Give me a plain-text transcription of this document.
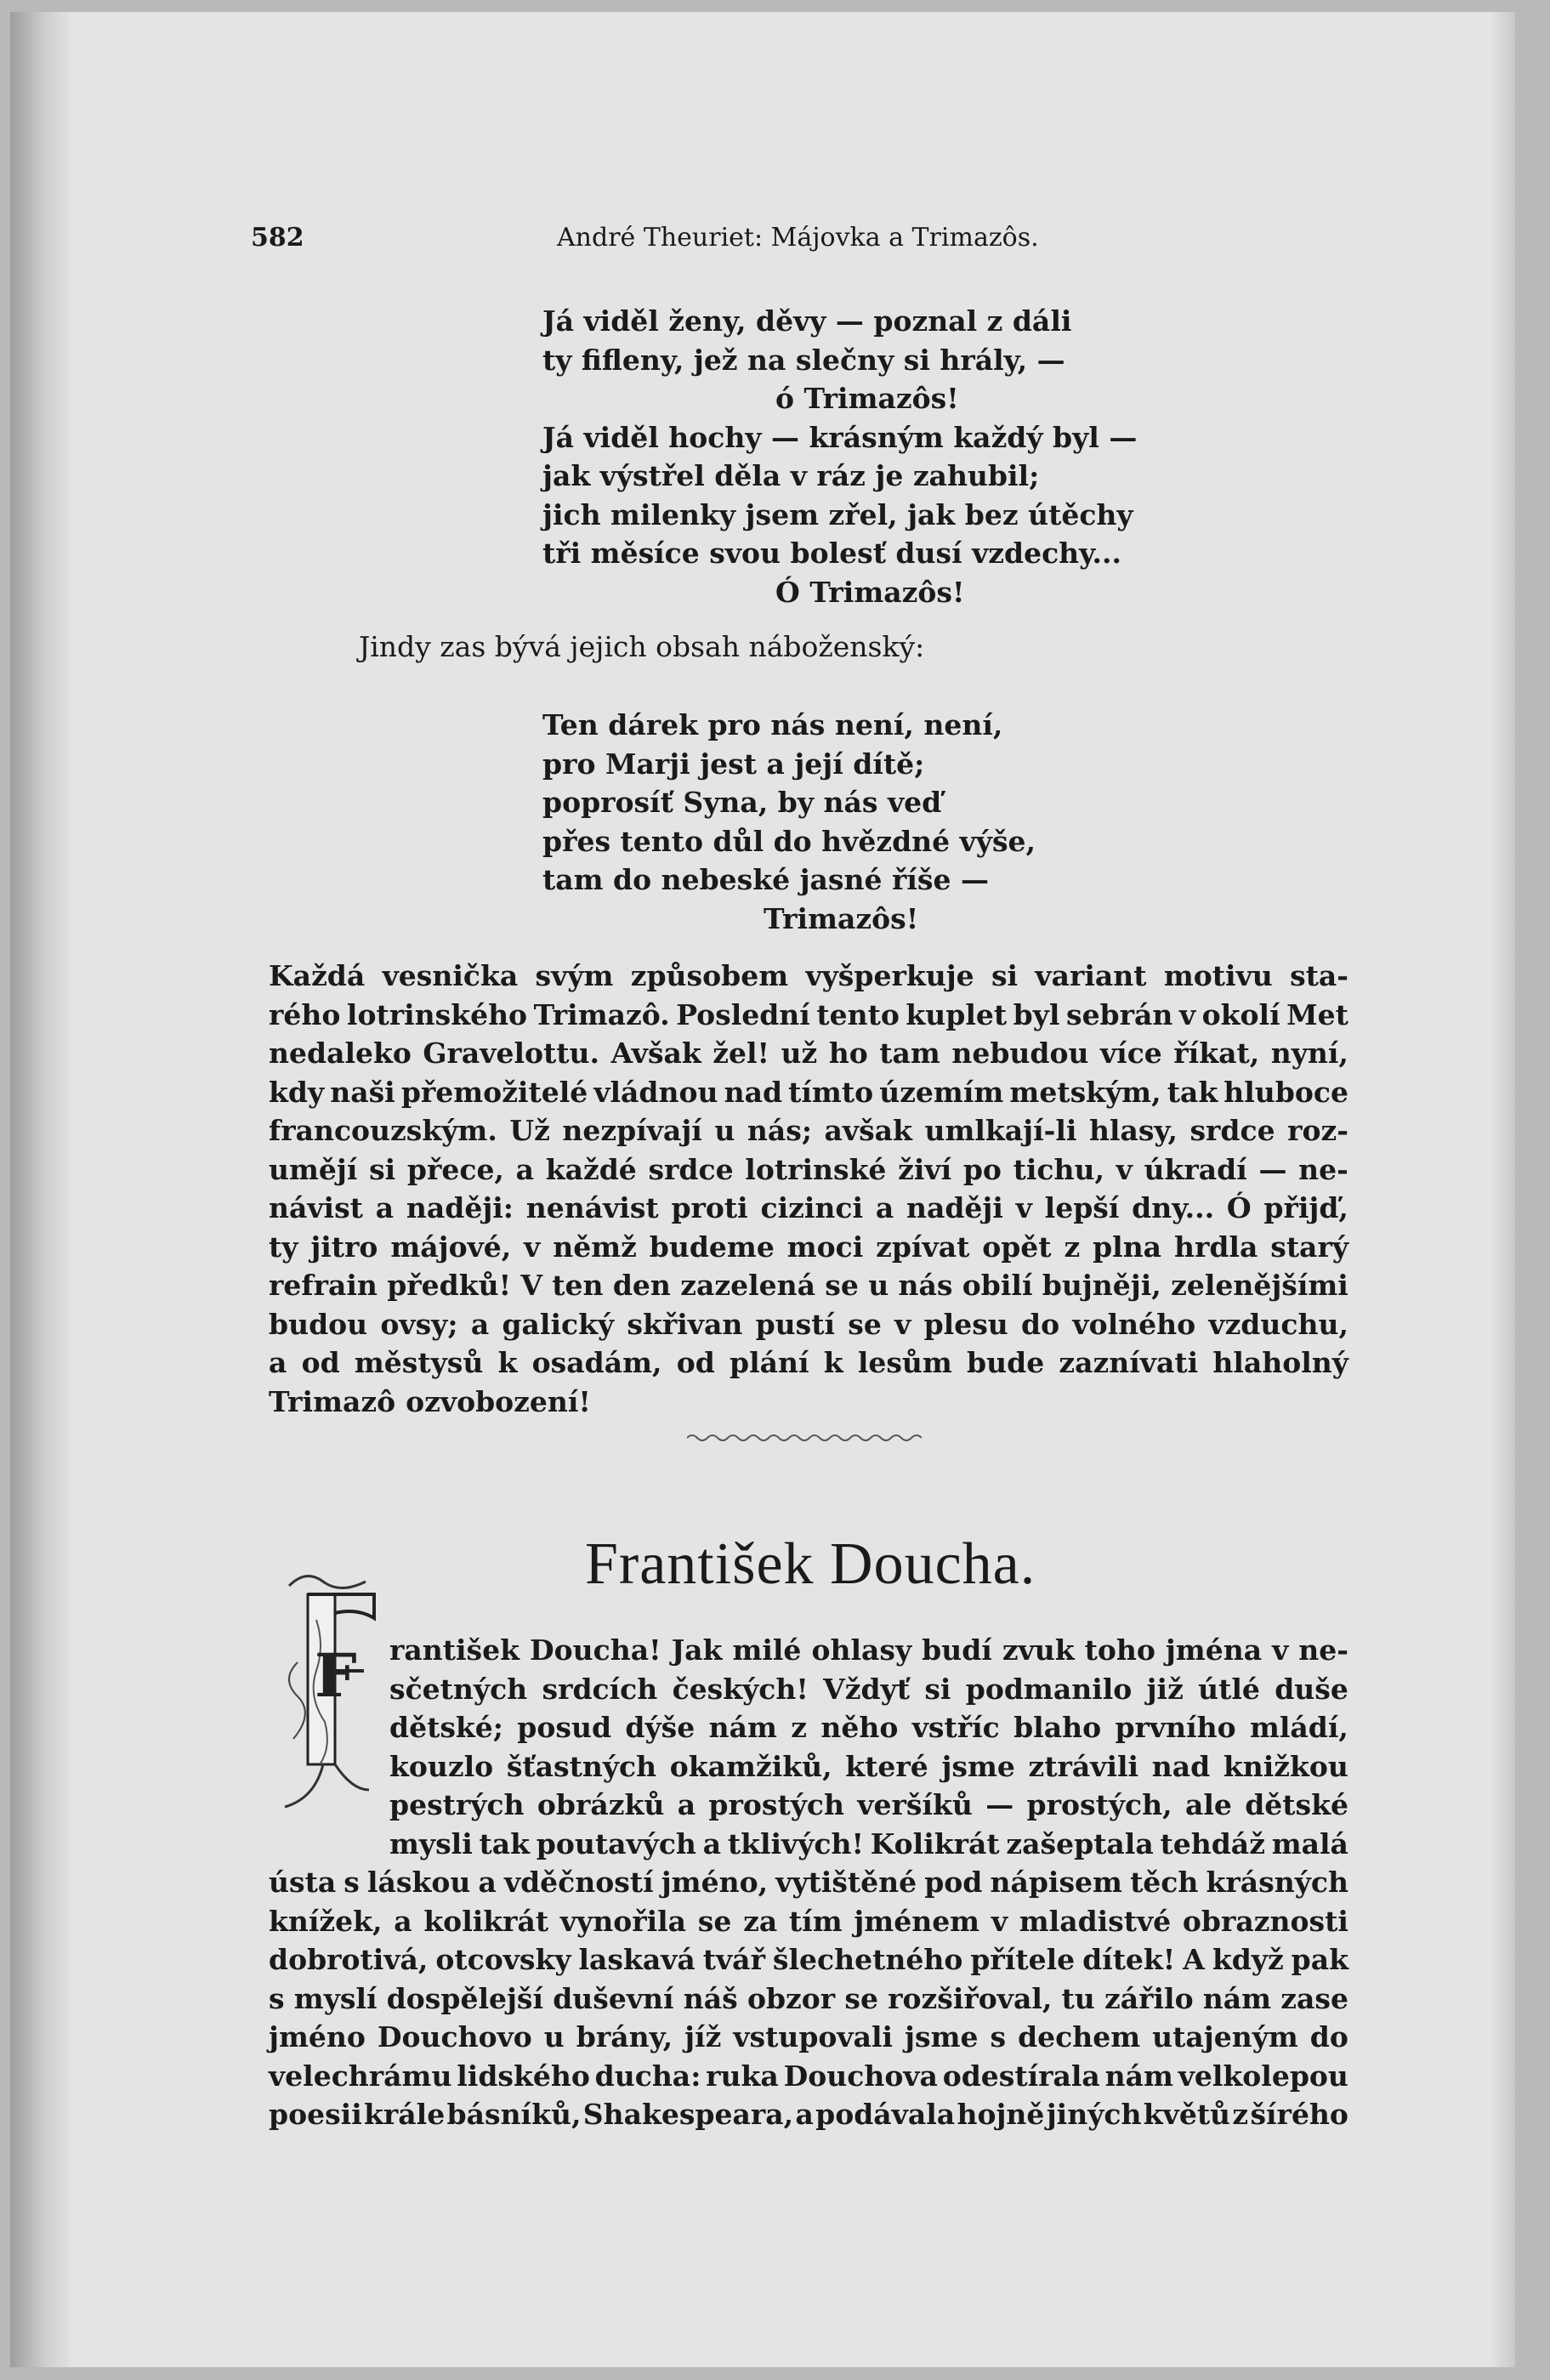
582	André Theuriet: Májovka a Trimazôs.
Já viděl ženy, děvy — poznal z dáli
ty fifleny, jež na slečny si hrály, —
ó Trimazôs!
Já viděl hochy — krásným každý byl —
jak výstřel děla v ráz je zahubil;
jich milenky jsem zřel, jak bez útěchy
tři měsíce svou bolesť dusí vzdechy...
Ó Trimazôs!
Jindy zas bývá jejich obsah náboženský:
Ten dárek pro nás není, není,
pro Marji jest a její dítě;
poprosíť Syna, by nás veď
přes tento důl do hvězdné výše,
tam do nebeské jasné říše —
Trimazôs!
Každá vesnička svým způsobem vyšperkuje si variant motivu sta-
rého lotrinského Trimazô. Poslední tento kuplet byl sebrán v okolí Met
nedaleko Gravelottu. Avšak žel! už ho tam nebudou více říkat, nyní,
kdy naši přemožitelé vládnou nad tímto územím metským, tak hluboce
francouzským. Už nezpívají u nás; avšak umlkají-li hlasy, srdce roz-
umějí si přece, a každé srdce lotrinské živí po tichu, v úkradí — ne-
návist a naději: nenávist proti cizinci a naději v lepší dny... Ó přijď,
ty jitro májové, v němž budeme moci zpívat opět z plna hrdla starý
refrain předků! V ten den zazelená se u nás obilí bujněji, zelenějšími
budou ovsy; a galický skřivan pustí se v plesu do volného vzduchu,
a od městysů k osadám, od plání k lesům bude zaznívati hlaholný
Trimazô ozvobození!
František Doucha.
F rantišek Doucha! Jak milé ohlasy budí zvuk toho jména v ne-
sčetných srdcích českých! Vždyť si podmanilo již útlé duše
dětské; posud dýše nám z něho vstříc blaho prvního mládí,
kouzlo šťastných okamžiků, které jsme ztrávili nad knižkou
pestrých obrázků a prostých veršíků — prostých, ale dětské
mysli tak poutavých a tklivých! Kolikrát zašeptala tehdáž malá
ústa s láskou a vděčností jméno, vytištěné pod nápisem těch krásných
knížek, a kolikrát vynořila se za tím jménem v mladistvé obraznosti
dobrotivá, otcovsky laskavá tvář šlechetného přítele dítek! A když pak
s myslí dospělejší duševní náš obzor se rozšiřoval, tu zářilo nám zase
jméno Douchovo u brány, jíž vstupovali jsme s dechem utajeným do
velechrámu lidského ducha: ruka Douchova odestírala nám velkolepou
poesii krále básníků, Shakespeara, a podávala hojně jiných květů z šírého
